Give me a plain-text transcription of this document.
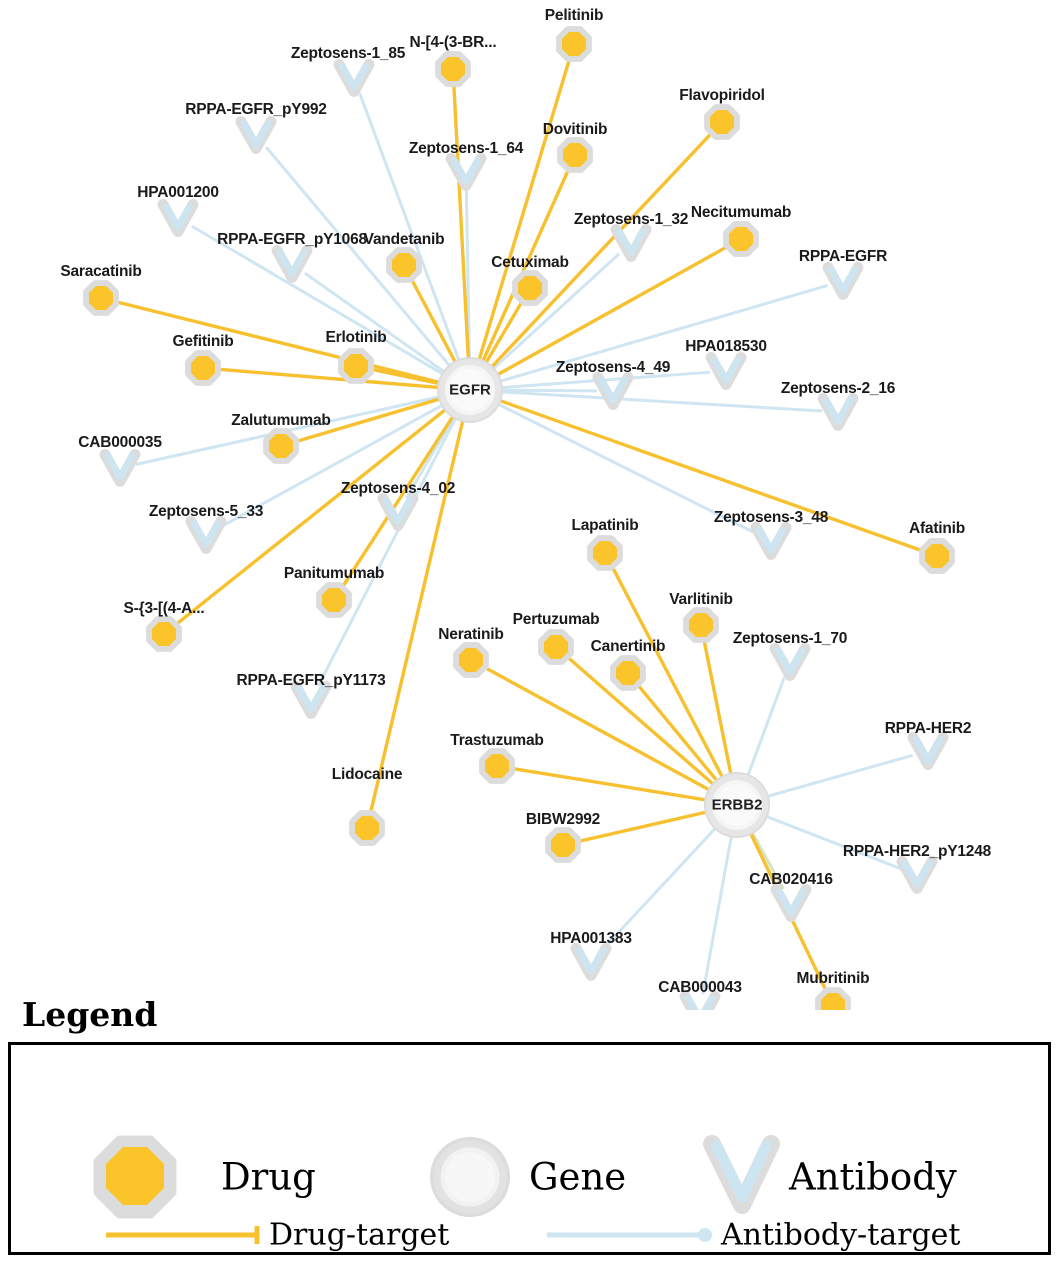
Zeptosens-1_85
RPPA-EGFR_pY992
Zeptosens-1_64
HPA001200
Zeptosens-1_32
RPPA-EGFR_pY1068
RPPA-EGFR
HPA018530
Zeptosens-4_49
Zeptosens-2_16
CAB000035
Zeptosens-4_02
Zeptosens-5_33	Zeptosens-3_48
Zeptosens-1_70
RPPA-EGFR_pY1173
RPPA-HER2
RPPA-HER2_pY1248
CAB020416
HPA001383
CAB000043
Pelitinib
N-[4-(3-BR...
Flavopiridol
Dovitinib
Necitumumab
Vandetanib
Cetuximab
Saracatinib
Gefitinib	Erlotinib
Zalutumumab
Afatinib
Lapatinib
Panitumumab
Varlitinib
S-{3-[(4-A...
Pertuzumab
Canertinib
Neratinib
Trastuzumab
Lidocaine
BIBW2992
Mubritinib
EGFR
ERBB2
Legend
Drug	Gene	Antibody
Drug-target	Antibody-target
